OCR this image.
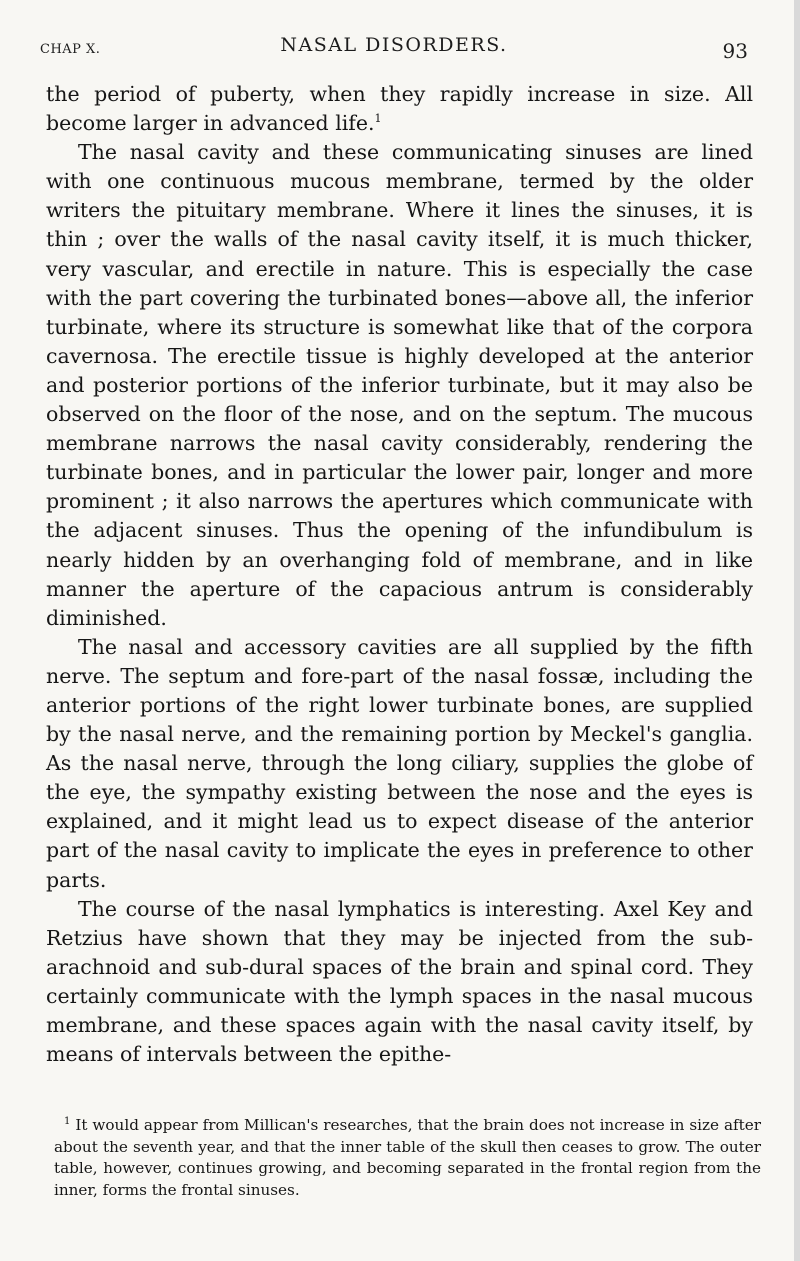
CHAP X.	NASAL DISORDERS.	93

the period of puberty, when they rapidly increase in size. All become larger in advanced life.$^1$

The nasal cavity and these communicating sinuses are lined with one continuous mucous membrane, termed by the older writers the pituitary membrane. Where it lines the sinuses, it is thin ; over the walls of the nasal cavity itself, it is much thicker, very vascular, and erectile in nature. This is especially the case with the part covering the turbinated bones—above all, the inferior turbinate, where its structure is somewhat like that of the corpora cavernosa. The erectile tissue is highly developed at the anterior and posterior portions of the inferior turbinate, but it may also be observed on the floor of the nose, and on the septum. The mucous membrane narrows the nasal cavity considerably, rendering the turbinate bones, and in particular the lower pair, longer and more prominent ; it also narrows the apertures which communicate with the adjacent sinuses. Thus the opening of the infundibulum is nearly hidden by an overhanging fold of membrane, and in like manner the aperture of the capacious antrum is considerably diminished.

The nasal and accessory cavities are all supplied by the fifth nerve. The septum and fore-part of the nasal fossæ, including the anterior portions of the right lower turbinate bones, are supplied by the nasal nerve, and the remaining portion by Meckel's ganglia. As the nasal nerve, through the long ciliary, supplies the globe of the eye, the sympathy existing between the nose and the eyes is explained, and it might lead us to expect disease of the anterior part of the nasal cavity to implicate the eyes in preference to other parts.

The course of the nasal lymphatics is interesting. Axel Key and Retzius have shown that they may be injected from the sub-arachnoid and sub-dural spaces of the brain and spinal cord. They certainly communicate with the lymph spaces in the nasal mucous membrane, and these spaces again with the nasal cavity itself, by means of intervals between the epithe-

$^1$ It would appear from Millican's researches, that the brain does not increase in size after about the seventh year, and that the inner table of the skull then ceases to grow. The outer table, however, continues growing, and becoming separated in the frontal region from the inner, forms the frontal sinuses.
